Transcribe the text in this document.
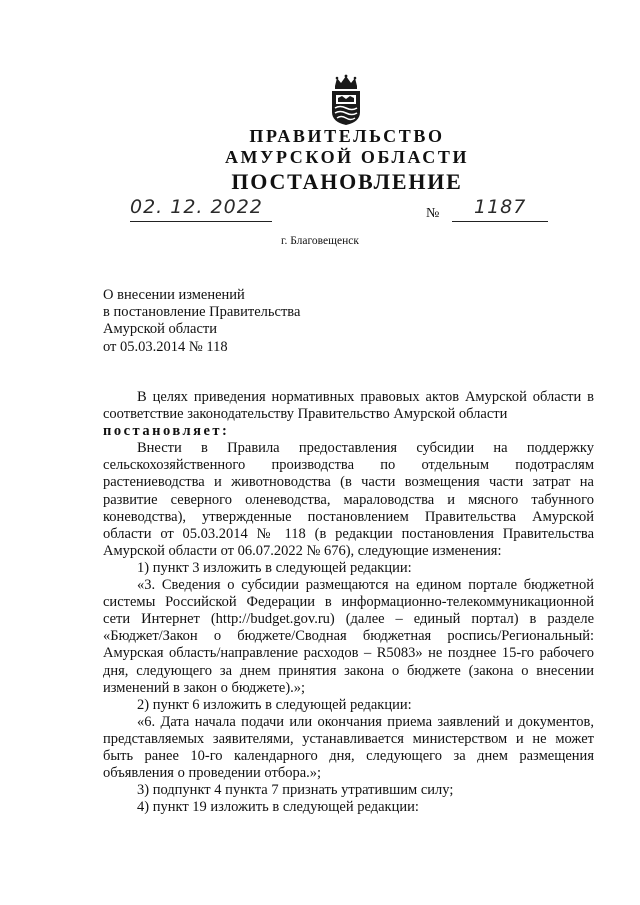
ПРАВИТЕЛЬСТВО
АМУРСКОЙ ОБЛАСТИ
ПОСТАНОВЛЕНИЕ
02. 12. 2022	№ 1187
г. Благовещенск
О внесении изменений
в постановление Правительства
Амурской области
от 05.03.2014 № 118

В целях приведения нормативных правовых актов Амурской области в соответствие законодательству Правительство Амурской области

постановляет:

Внести в Правила предоставления субсидии на поддержку сельскохозяйственного производства по отдельным подотраслям растениеводства и животноводства (в части возмещения части затрат на развитие северного оленеводства, мараловодства и мясного табунного коневодства), утвержденные постановлением Правительства Амурской области от 05.03.2014 № 118 (в редакции постановления Правительства Амурской области от 06.07.2022 № 676), следующие изменения:

1) пункт 3 изложить в следующей редакции:

«3. Сведения о субсидии размещаются на едином портале бюджетной системы Российской Федерации в информационно-телекоммуникационной сети Интернет (http://budget.gov.ru) (далее – единый портал) в разделе «Бюджет/Закон о бюджете/Сводная бюджетная роспись/Региональный: Амурская область/направление расходов – R5083» не позднее 15-го рабочего дня, следующего за днем принятия закона о бюджете (закона о внесении изменений в закон о бюджете).»;

2) пункт 6 изложить в следующей редакции:

«6. Дата начала подачи или окончания приема заявлений и документов, представляемых заявителями, устанавливается министерством и не может быть ранее 10-го календарного дня, следующего за днем размещения объявления о проведении отбора.»;

3) подпункт 4 пункта 7 признать утратившим силу;

4) пункт 19 изложить в следующей редакции:
